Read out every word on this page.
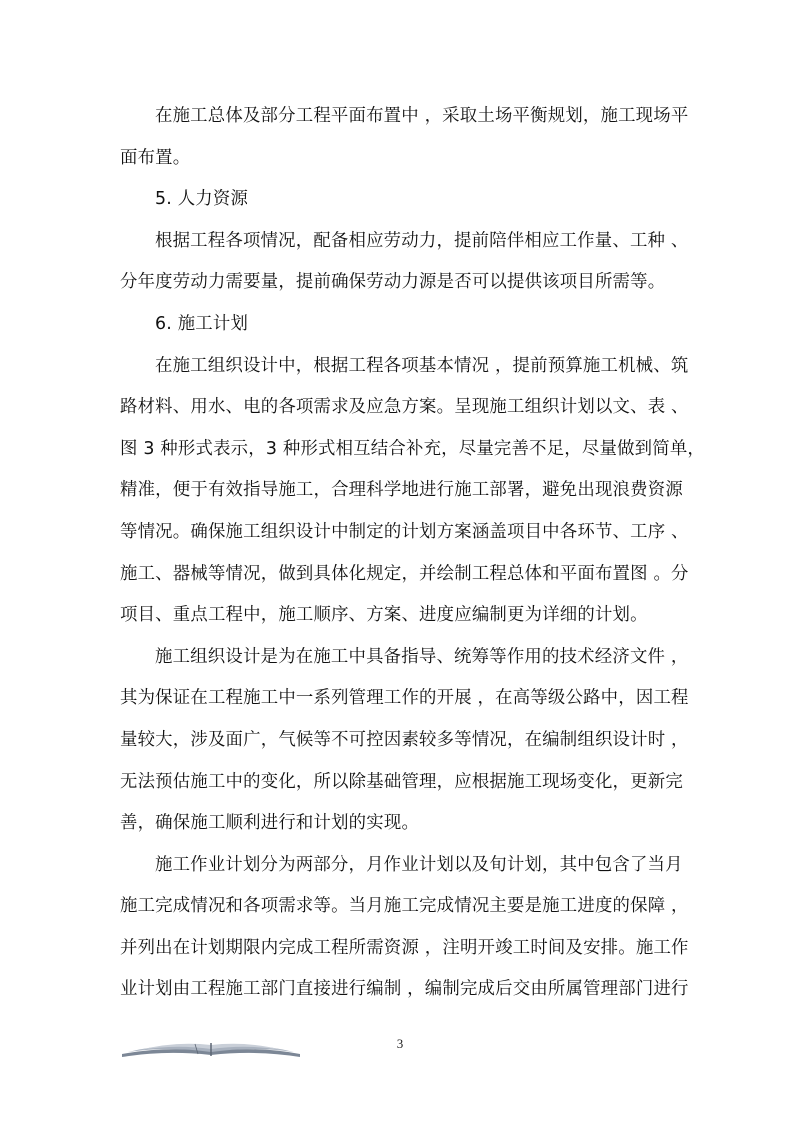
在施工总体及部分工程平面布置中 ，采取土场平衡规划，施工现场平
面布置。
5. 人力资源
根据工程各项情况，配备相应劳动力，提前陪伴相应工作量、工种 、
分年度劳动力需要量，提前确保劳动力源是否可以提供该项目所需等。
6. 施工计划
在施工组织设计中，根据工程各项基本情况 ，提前预算施工机械、筑
路材料、用水、电的各项需求及应急方案。呈现施工组织计划以文、表 、
图 3 种形式表示，3 种形式相互结合补充，尽量完善不足，尽量做到简单，
精准，便于有效指导施工，合理科学地进行施工部署，避免出现浪费资源
等情况。确保施工组织设计中制定的计划方案涵盖项目中各环节、工序 、
施工、器械等情况，做到具体化规定，并绘制工程总体和平面布置图 。分
项目、重点工程中，施工顺序、方案、进度应编制更为详细的计划。
施工组织设计是为在施工中具备指导、统筹等作用的技术经济文件 ，
其为保证在工程施工中一系列管理工作的开展 ，在高等级公路中，因工程
量较大，涉及面广，气候等不可控因素较多等情况，在编制组织设计时 ，
无法预估施工中的变化，所以除基础管理，应根据施工现场变化，更新完
善，确保施工顺利进行和计划的实现。
施工作业计划分为两部分，月作业计划以及旬计划，其中包含了当月
施工完成情况和各项需求等。当月施工完成情况主要是施工进度的保障 ，
并列出在计划期限内完成工程所需资源 ，注明开竣工时间及安排。施工作
业计划由工程施工部门直接进行编制 ，编制完成后交由所属管理部门进行
3
